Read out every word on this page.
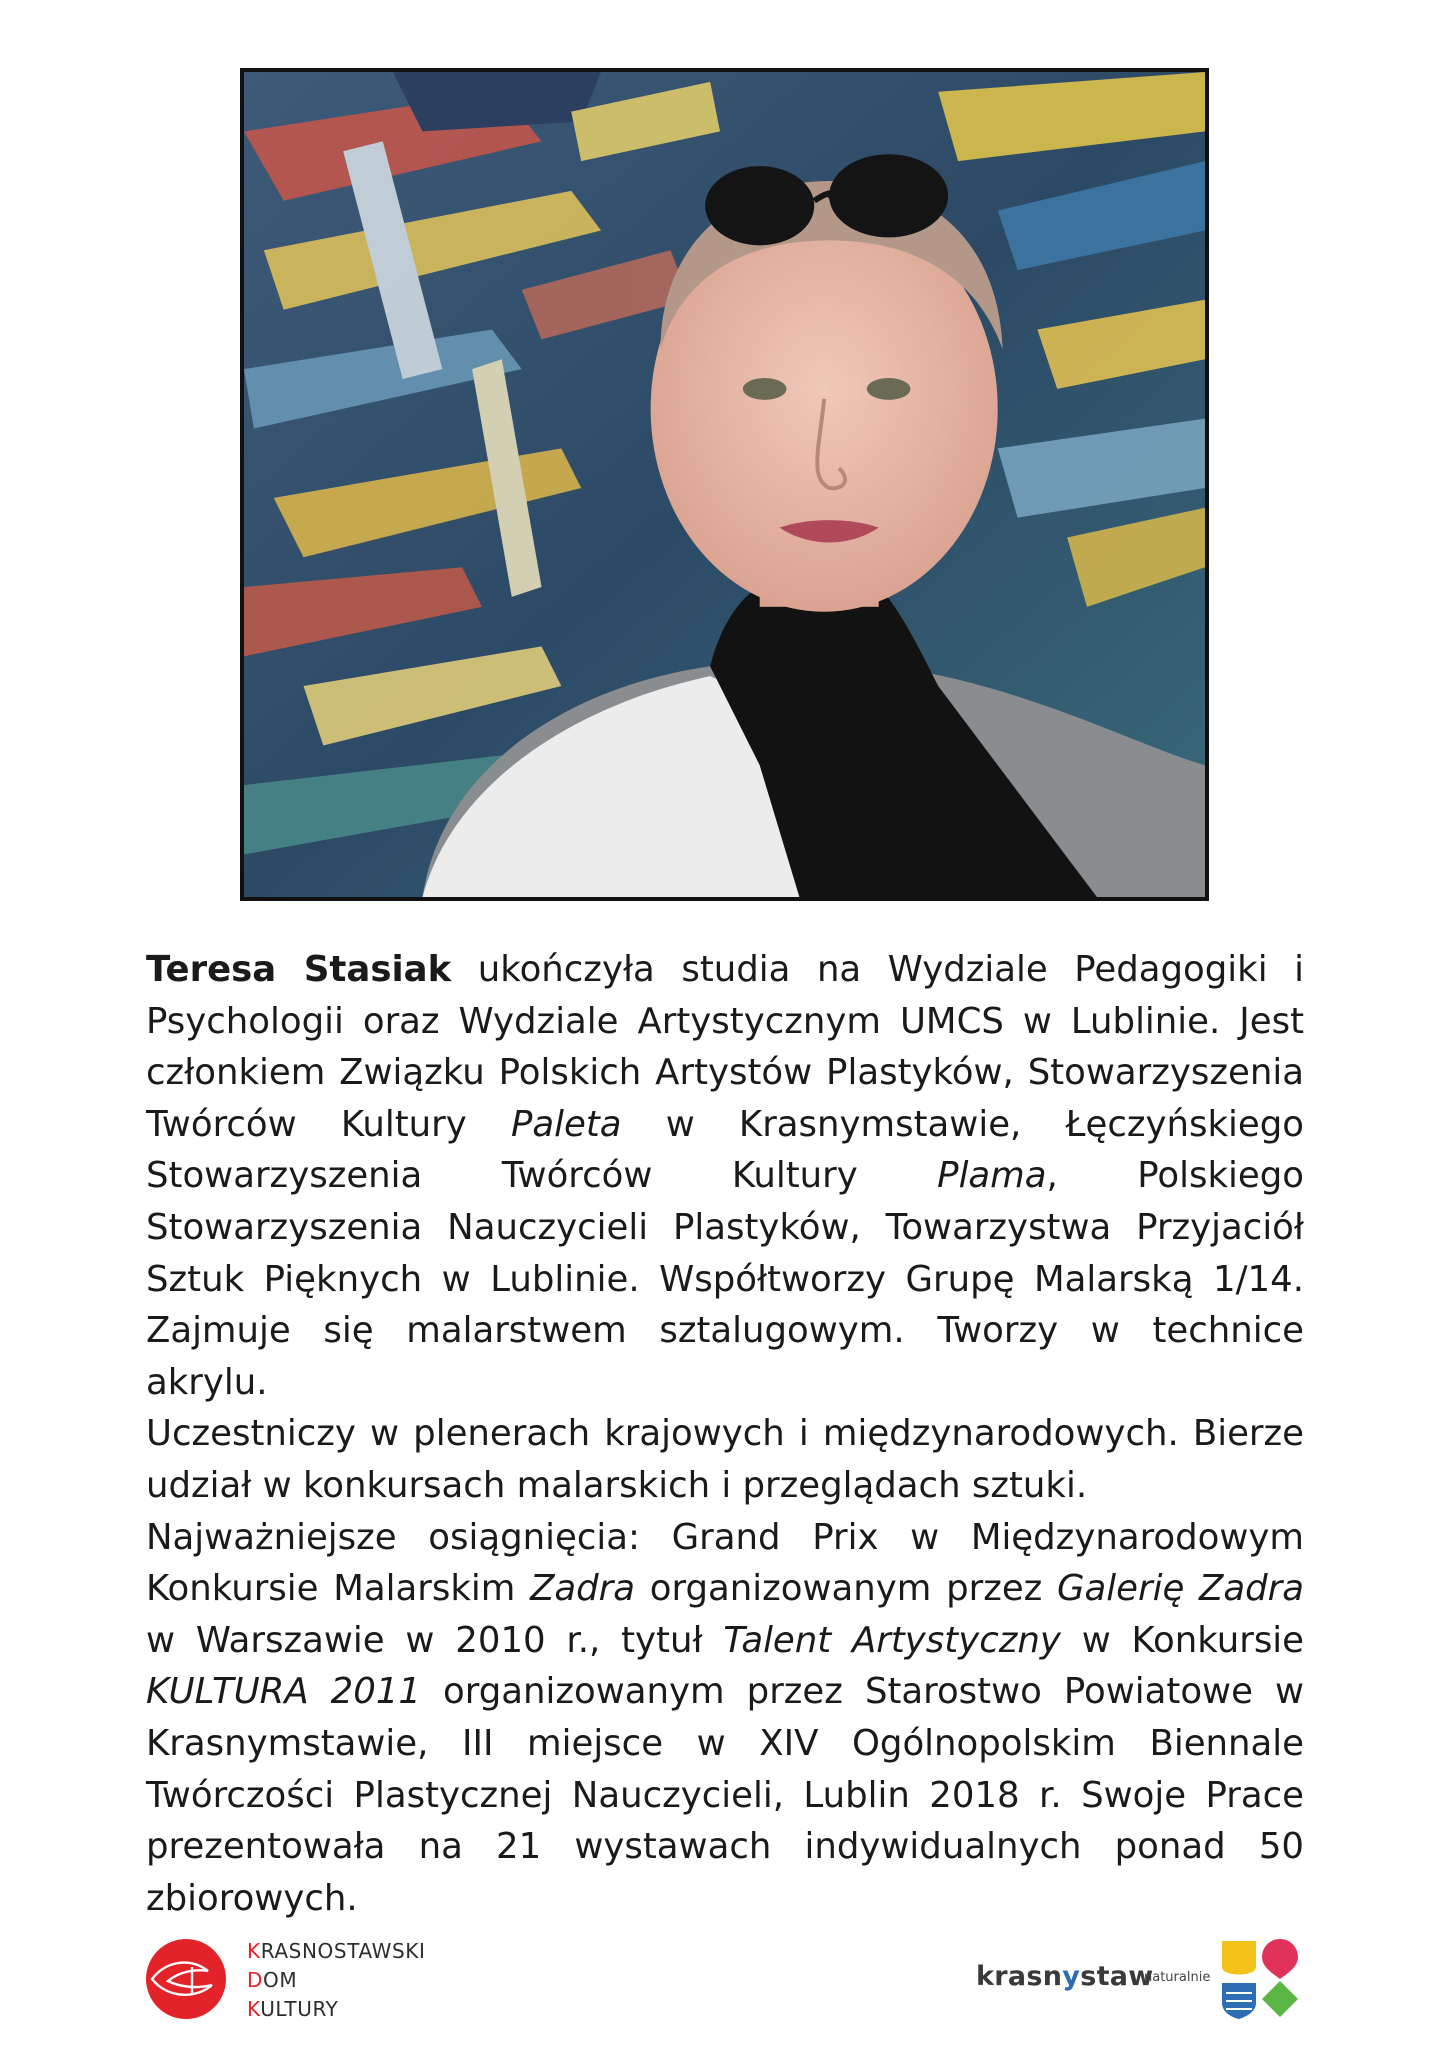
Teresa Stasiak ukończyła studia na Wydziale Pedagogiki i Psychologii oraz Wydziale Artystycznym UMCS w Lublinie. Jest członkiem Związku Polskich Artystów Plastyków, Stowarzyszenia Twórców Kultury Paleta w Krasnymstawie, Łęczyńskiego Stowarzyszenia Twórców Kultury Plama, Polskiego Stowarzyszenia Nauczycieli Plastyków, Towarzystwa Przyjaciół Sztuk Pięknych w Lublinie. Współtworzy Grupę Malarską 1/14. Zajmuje się malarstwem sztalugowym. Tworzy w technice akrylu.

Uczestniczy w plenerach krajowych i międzynarodowych. Bierze udział w konkursach malarskich i przeglądach sztuki.

Najważniejsze osiągnięcia: Grand Prix w Międzynarodowym Konkursie Malarskim Zadra organizowanym przez Galerię Zadra w Warszawie w 2010 r., tytuł Talent Artystyczny w Konkursie KULTURA 2011 organizowanym przez Starostwo Powiatowe w Krasnymstawie, III miejsce w XIV Ogólnopolskim Biennale Twórczości Plastycznej Nauczycieli, Lublin 2018 r. Swoje Prace prezentowała na 21 wystawach indywidualnych ponad 50 zbiorowych.

KRASNOSTAWSKI
DOM
KULTURY
krasnystaw
naturalnie
